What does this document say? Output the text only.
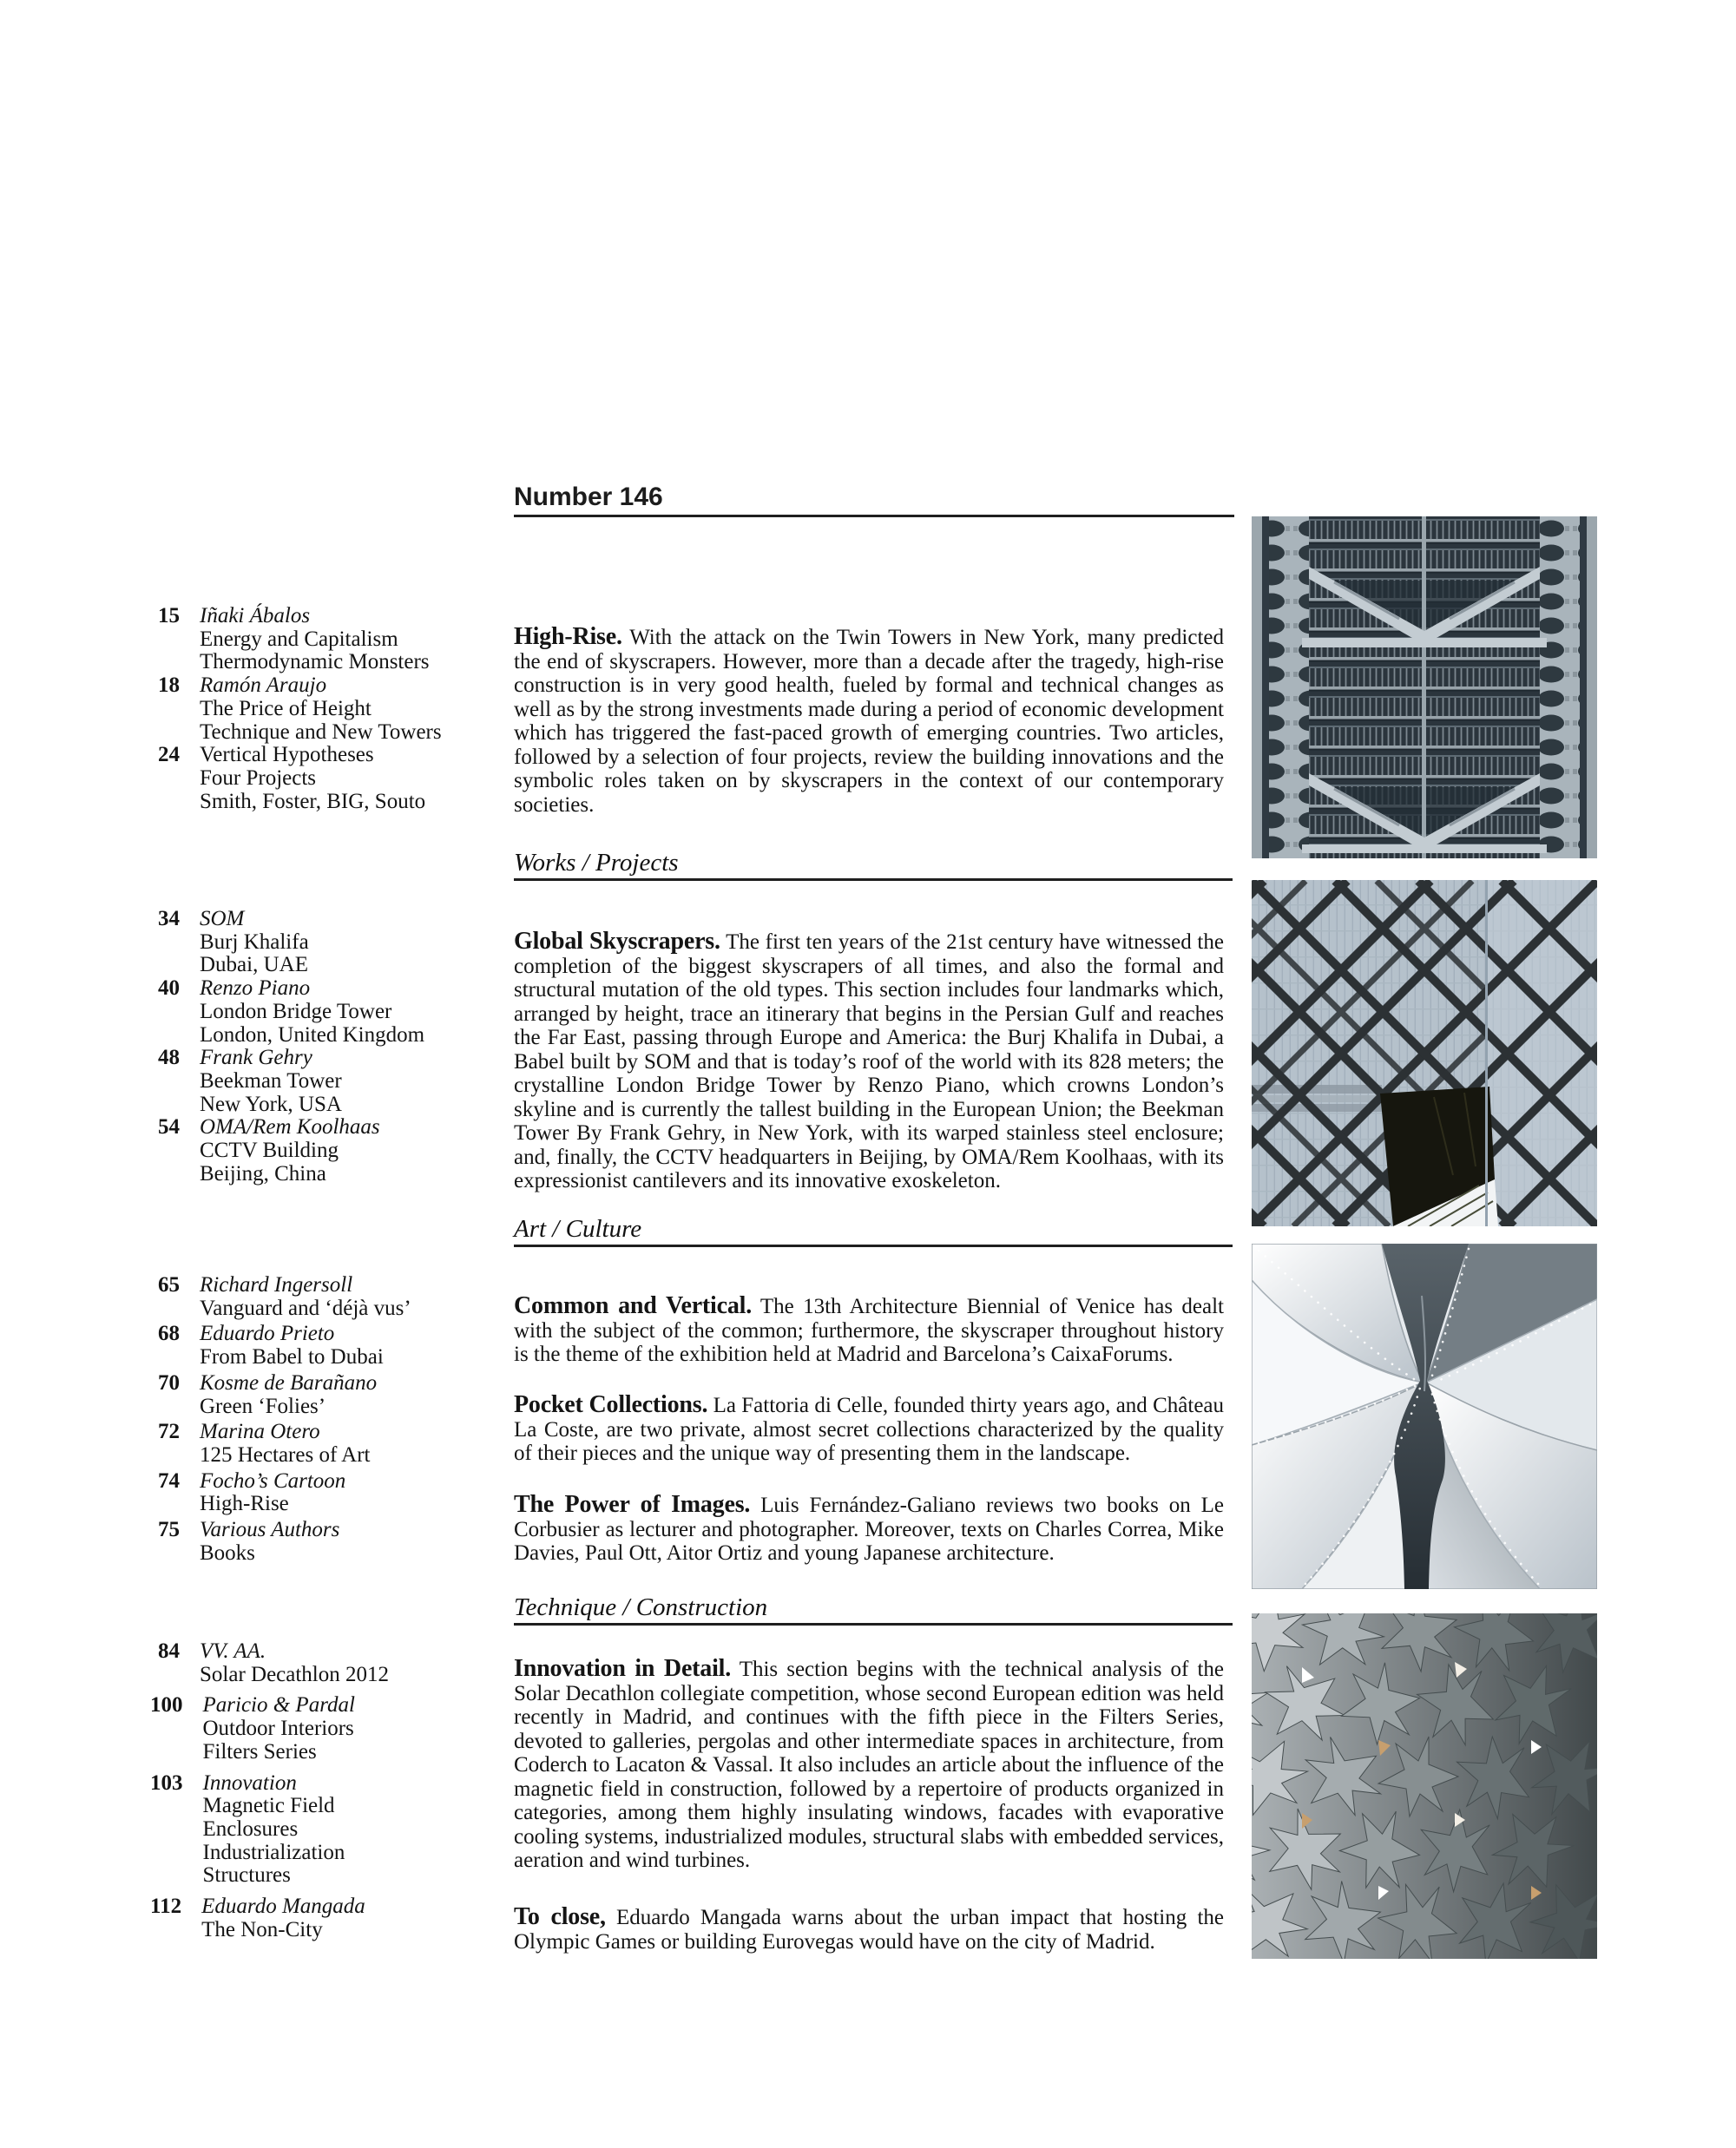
Number 146
15 Iñaki Ábalos
Energy and Capitalism
Thermodynamic Monsters
18 Ramón Araujo
The Price of Height
Technique and New Towers
24 Vertical Hypotheses
Four Projects
Smith, Foster, BIG, Souto
34 SOM
Burj Khalifa
Dubai, UAE
40 Renzo Piano
London Bridge Tower
London, United Kingdom
48 Frank Gehry
Beekman Tower
New York, USA
54 OMA/Rem Koolhaas
CCTV Building
Beijing, China
65 Richard Ingersoll
Vanguard and ‘déjà vus’
68 Eduardo Prieto
From Babel to Dubai
70 Kosme de Barañano
Green ‘Folies’
72 Marina Otero
125 Hectares of Art
74 Focho’s Cartoon
High-Rise
75 Various Authors
Books
84 VV. AA.
Solar Decathlon 2012
100 Paricio & Pardal
Outdoor Interiors
Filters Series
103 Innovation
Magnetic Field
Enclosures
Industrialization
Structures
112 Eduardo Mangada
The Non-City

High-Rise. With the attack on the Twin Towers in New York, many predicted the end of skyscrapers. However, more than a decade after the tragedy, high-rise construction is in very good health, fueled by formal and technical changes as well as by the strong investments made during a period of economic development which has triggered the fast-paced growth of emerging countries. Two articles, followed by a selection of four projects, review the building innovations and the symbolic roles taken on by skyscrapers in the context of our contemporary societies.

Works / Projects

Global Skyscrapers. The first ten years of the 21st century have witnessed the completion of the biggest skyscrapers of all times, and also the formal and structural mutation of the old types. This section includes four landmarks which, arranged by height, trace an itinerary that begins in the Persian Gulf and reaches the Far East, passing through Europe and America: the Burj Khalifa in Dubai, a Babel built by SOM and that is today’s roof of the world with its 828 meters; the crystalline London Bridge Tower by Renzo Piano, which crowns London’s skyline and is currently the tallest building in the European Union; the Beekman Tower By Frank Gehry, in New York, with its warped stainless steel enclosure; and, finally, the CCTV headquarters in Beijing, by OMA/Rem Koolhaas, with its expressionist cantilevers and its innovative exoskeleton.

Art / Culture

Common and Vertical. The 13th Architecture Biennial of Venice has dealt with the subject of the common; furthermore, the skyscraper throughout history is the theme of the exhibition held at Madrid and Barcelona’s CaixaForums.

Pocket Collections. La Fattoria di Celle, founded thirty years ago, and Château La Coste, are two private, almost secret collections characterized by the quality of their pieces and the unique way of presenting them in the landscape.

The Power of Images. Luis Fernández-Galiano reviews two books on Le Corbusier as lecturer and photographer. Moreover, texts on Charles Correa, Mike Davies, Paul Ott, Aitor Ortiz and young Japanese architecture.

Technique / Construction

Innovation in Detail. This section begins with the technical analysis of the Solar Decathlon collegiate competition, whose second European edition was held recently in Madrid, and continues with the fifth piece in the Filters Series, devoted to galleries, pergolas and other intermediate spaces in architecture, from Coderch to Lacaton & Vassal. It also includes an article about the influence of the magnetic field in construction, followed by a repertoire of products organized in categories, among them highly insulating windows, facades with evaporative cooling systems, industrialized modules, structural slabs with embedded services, aeration and wind turbines.

To close, Eduardo Mangada warns about the urban impact that hosting the Olympic Games or building Eurovegas would have on the city of Madrid.
